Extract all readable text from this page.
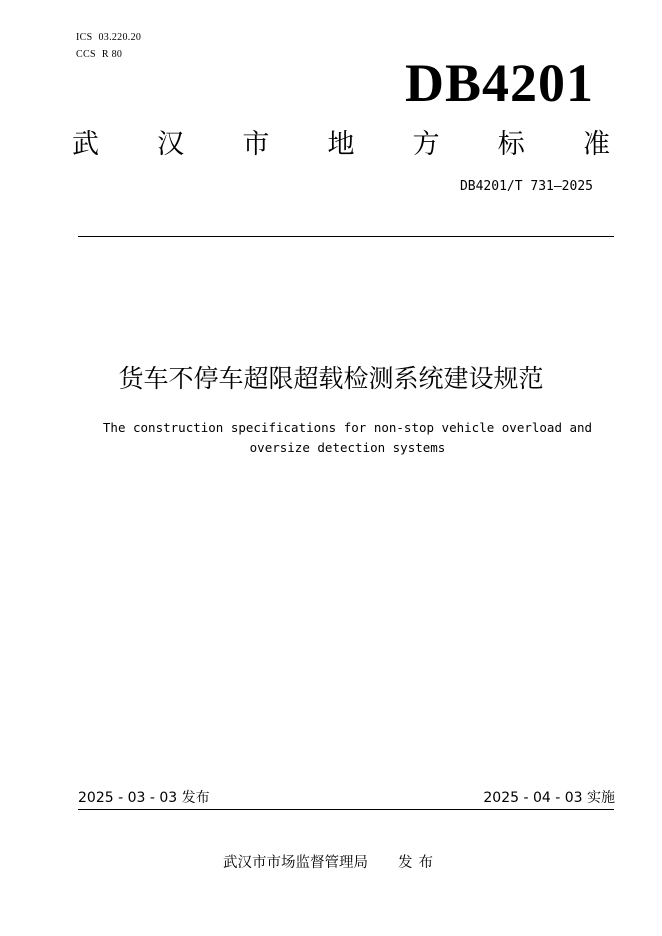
ICS 03.220.20
CCS R 80	DB4201
武 汉 市 地 方 标 准
DB4201/T 731—2025
货车不停车超限超载检测系统建设规范
The construction specifications for non-stop vehicle overload and
oversize detection systems
2025 - 03 - 03 发布	2025 - 04 - 03 实施
武汉市市场监督管理局 发布
